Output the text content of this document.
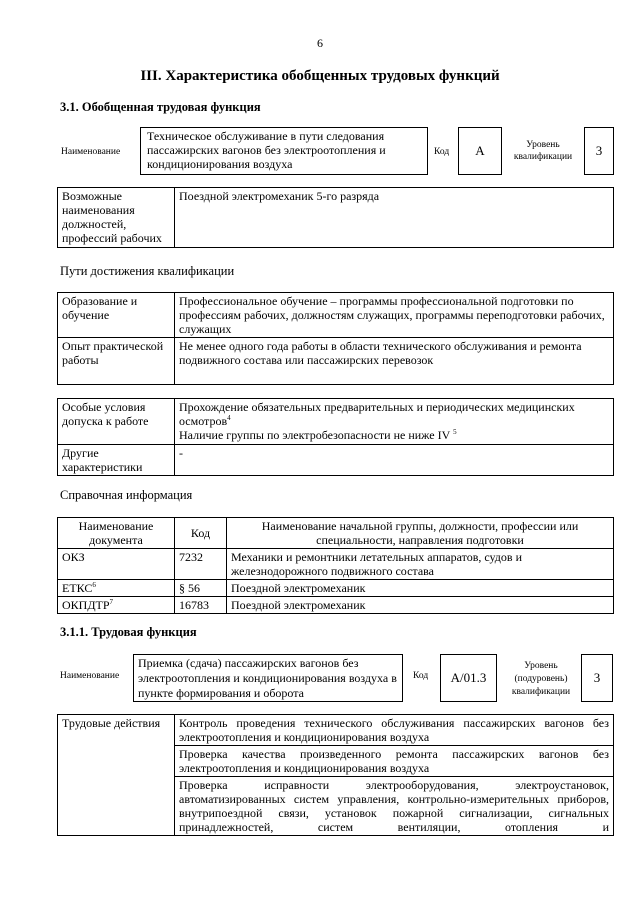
6
III. Характеристика обобщенных трудовых функций
3.1. Обобщенная трудовая функция
Наименование
Техническое обслуживание в пути следования пассажирских вагонов без электроотопления и кондиционирования воздуха
Код	А	Уровень квалификации	3
Возможные наименования должностей, профессий рабочих	Поездной электромеханик 5-го разряда
Пути достижения квалификации
Образование и обучение	Профессиональное обучение – программы профессиональной подготовки по профессиям рабочих, должностям служащих, программы переподготовки рабочих, служащих
Опыт практической работы	Не менее одного года работы в области технического обслуживания и ремонта подвижного состава или пассажирских перевозок
Особые условия допуска к работе	Прохождение обязательных предварительных и периодических медицинских осмотров$^4$
Наличие группы по электробезопасности не ниже IV $^5$
Другие характеристики	-
Справочная информация
Наименование документа	Код	Наименование начальной группы, должности, профессии или специальности, направления подготовки
ОКЗ	7232	Механики и ремонтники летательных аппаратов, судов и железнодорожного подвижного состава
ЕТКС$^6$	§ 56	Поездной электромеханик
ОКПДТР$^7$	16783	Поездной электромеханик
3.1.1. Трудовая функция
Наименование
Приемка (сдача) пассажирских вагонов без электроотопления и кондиционирования воздуха в пункте формирования и оборота
Код	А/01.3
Уровень (подуровень) квалификации
3
Трудовые действия	Контроль проведения технического обслуживания пассажирских вагонов без электроотопления и кондиционирования воздуха
Проверка качества произведенного ремонта пассажирских вагонов без электроотопления и кондиционирования воздуха
Проверка исправности электрооборудования, электроустановок, автоматизированных систем управления, контрольно-измерительных приборов, внутрипоездной связи, установок пожарной сигнализации, сигнальных принадлежностей, систем вентиляции, отопления и
